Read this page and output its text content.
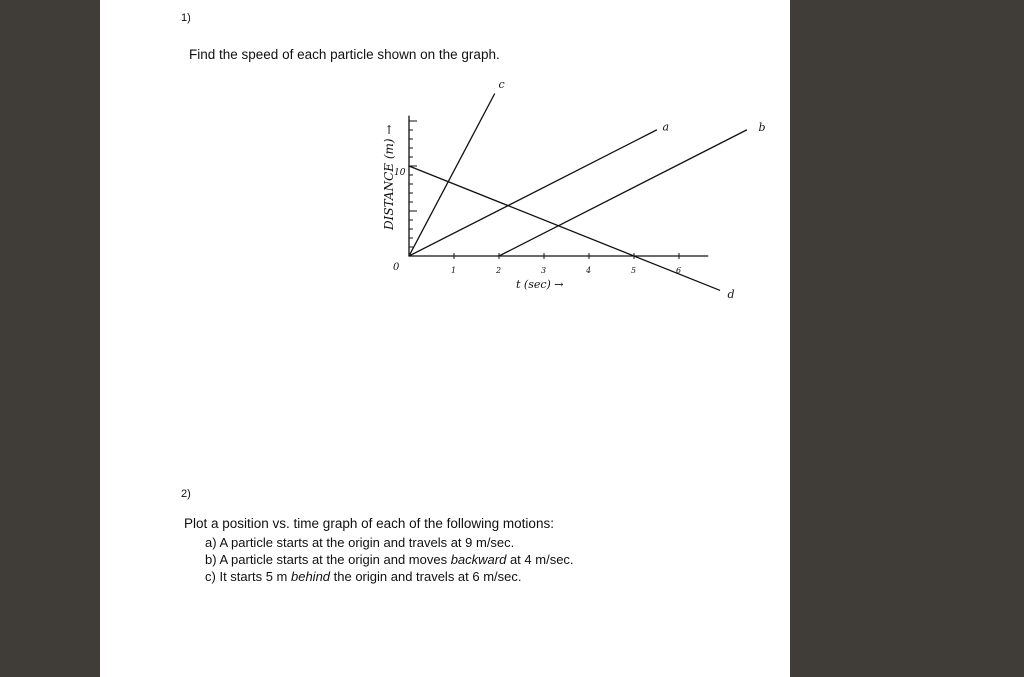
1)
Find the speed of each particle shown on the graph.
DISTANCE (m) →
10
0
t (sec) →
1	2	3	4	5	6
a	b
c
d
2)
Plot a position vs. time graph of each of the following motions:
a) A particle starts at the origin and travels at 9 m/sec.
b) A particle starts at the origin and moves backward at 4 m/sec.
c) It starts 5 m behind the origin and travels at 6 m/sec.
